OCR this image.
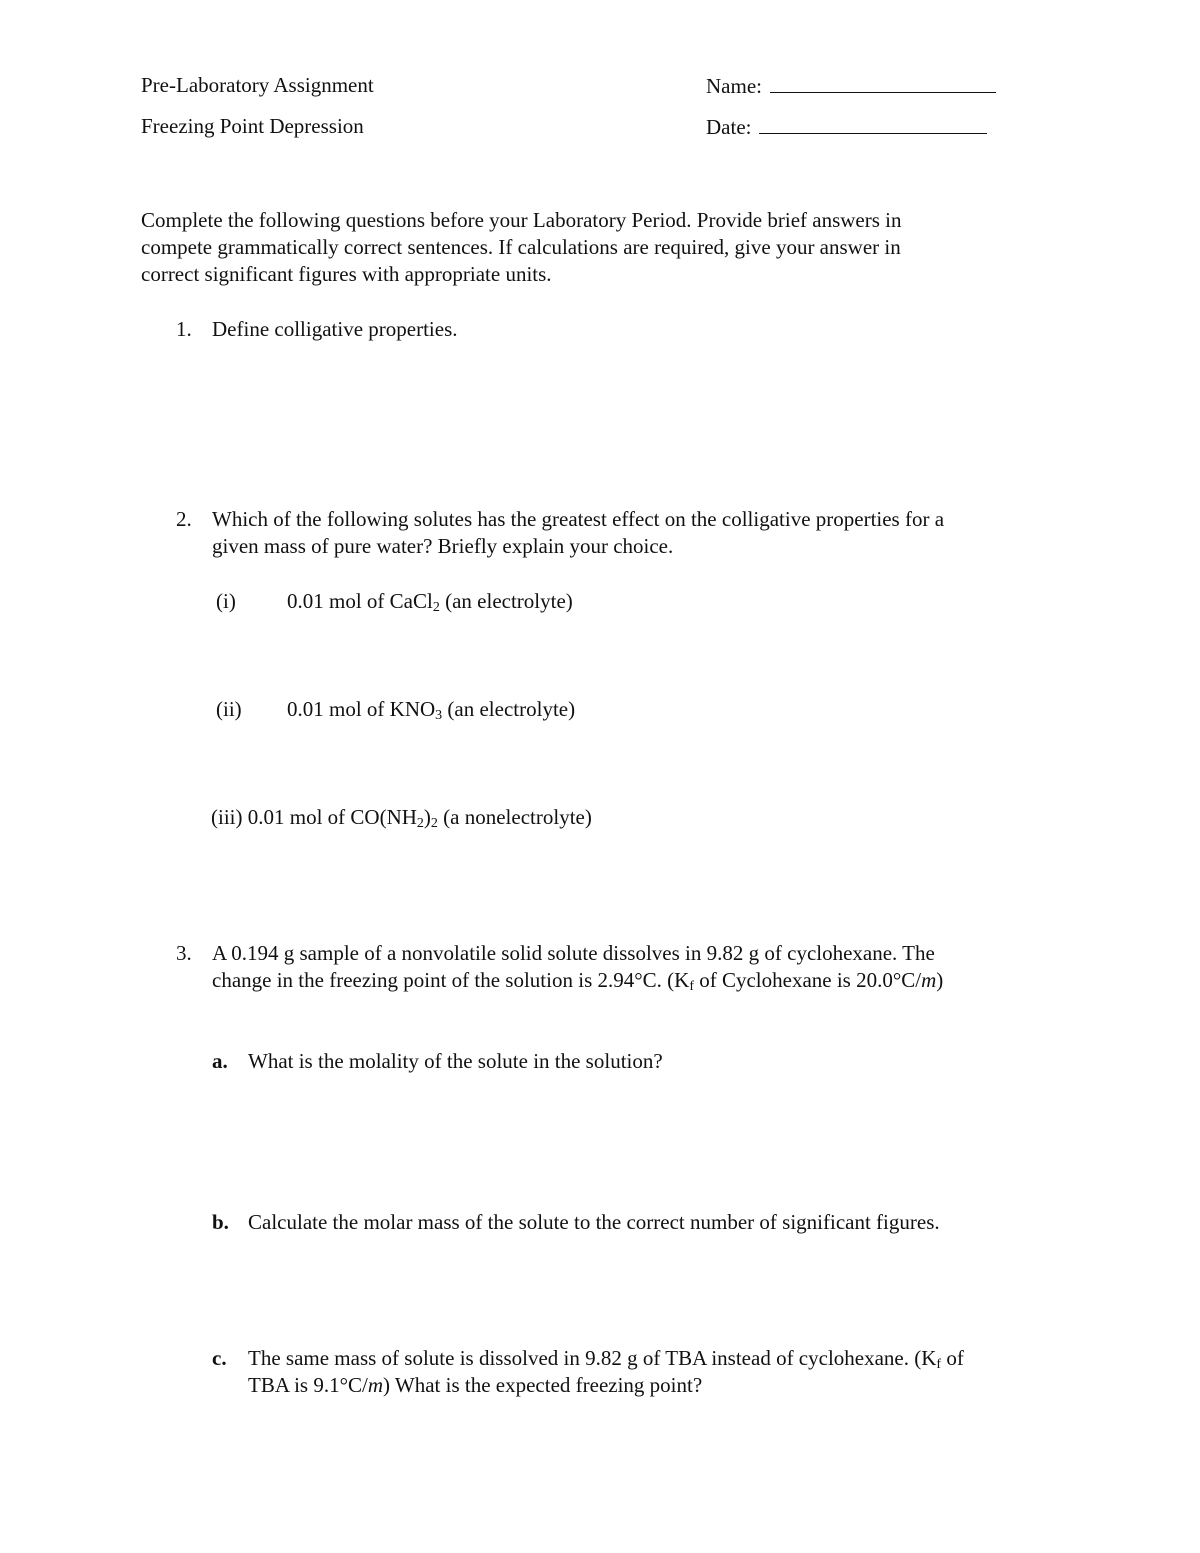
Pre-Laboratory Assignment
Freezing Point Depression
Name:
Date:
Complete the following questions before your Laboratory Period. Provide brief answers in
compete grammatically correct sentences. If calculations are required, give your answer in
correct significant figures with appropriate units.
1. Define colligative properties.
2. Which of the following solutes has the greatest effect on the colligative properties for a
given mass of pure water? Briefly explain your choice.
(i) 0.01 mol of CaCl$_2$ (an electrolyte)
(ii) 0.01 mol of $KNO_3$ (an electrolyte)
(iii) 0.01 mol of $CO(NH_2)_2$ (a nonelectrolyte)
3. A 0.194 g sample of a nonvolatile solid solute dissolves in 9.82 g of cyclohexane. The
change in the freezing point of the solution is 2.94°C. ($K_f$ of Cyclohexane is 20.0°C/m)
a. What is the molality of the solute in the solution?
b. Calculate the molar mass of the solute to the correct number of significant figures.
c. The same mass of solute is dissolved in 9.82 g of TBA instead of cyclohexane. ($K_f$ of
TBA is 9.1°C/m) What is the expected freezing point?
